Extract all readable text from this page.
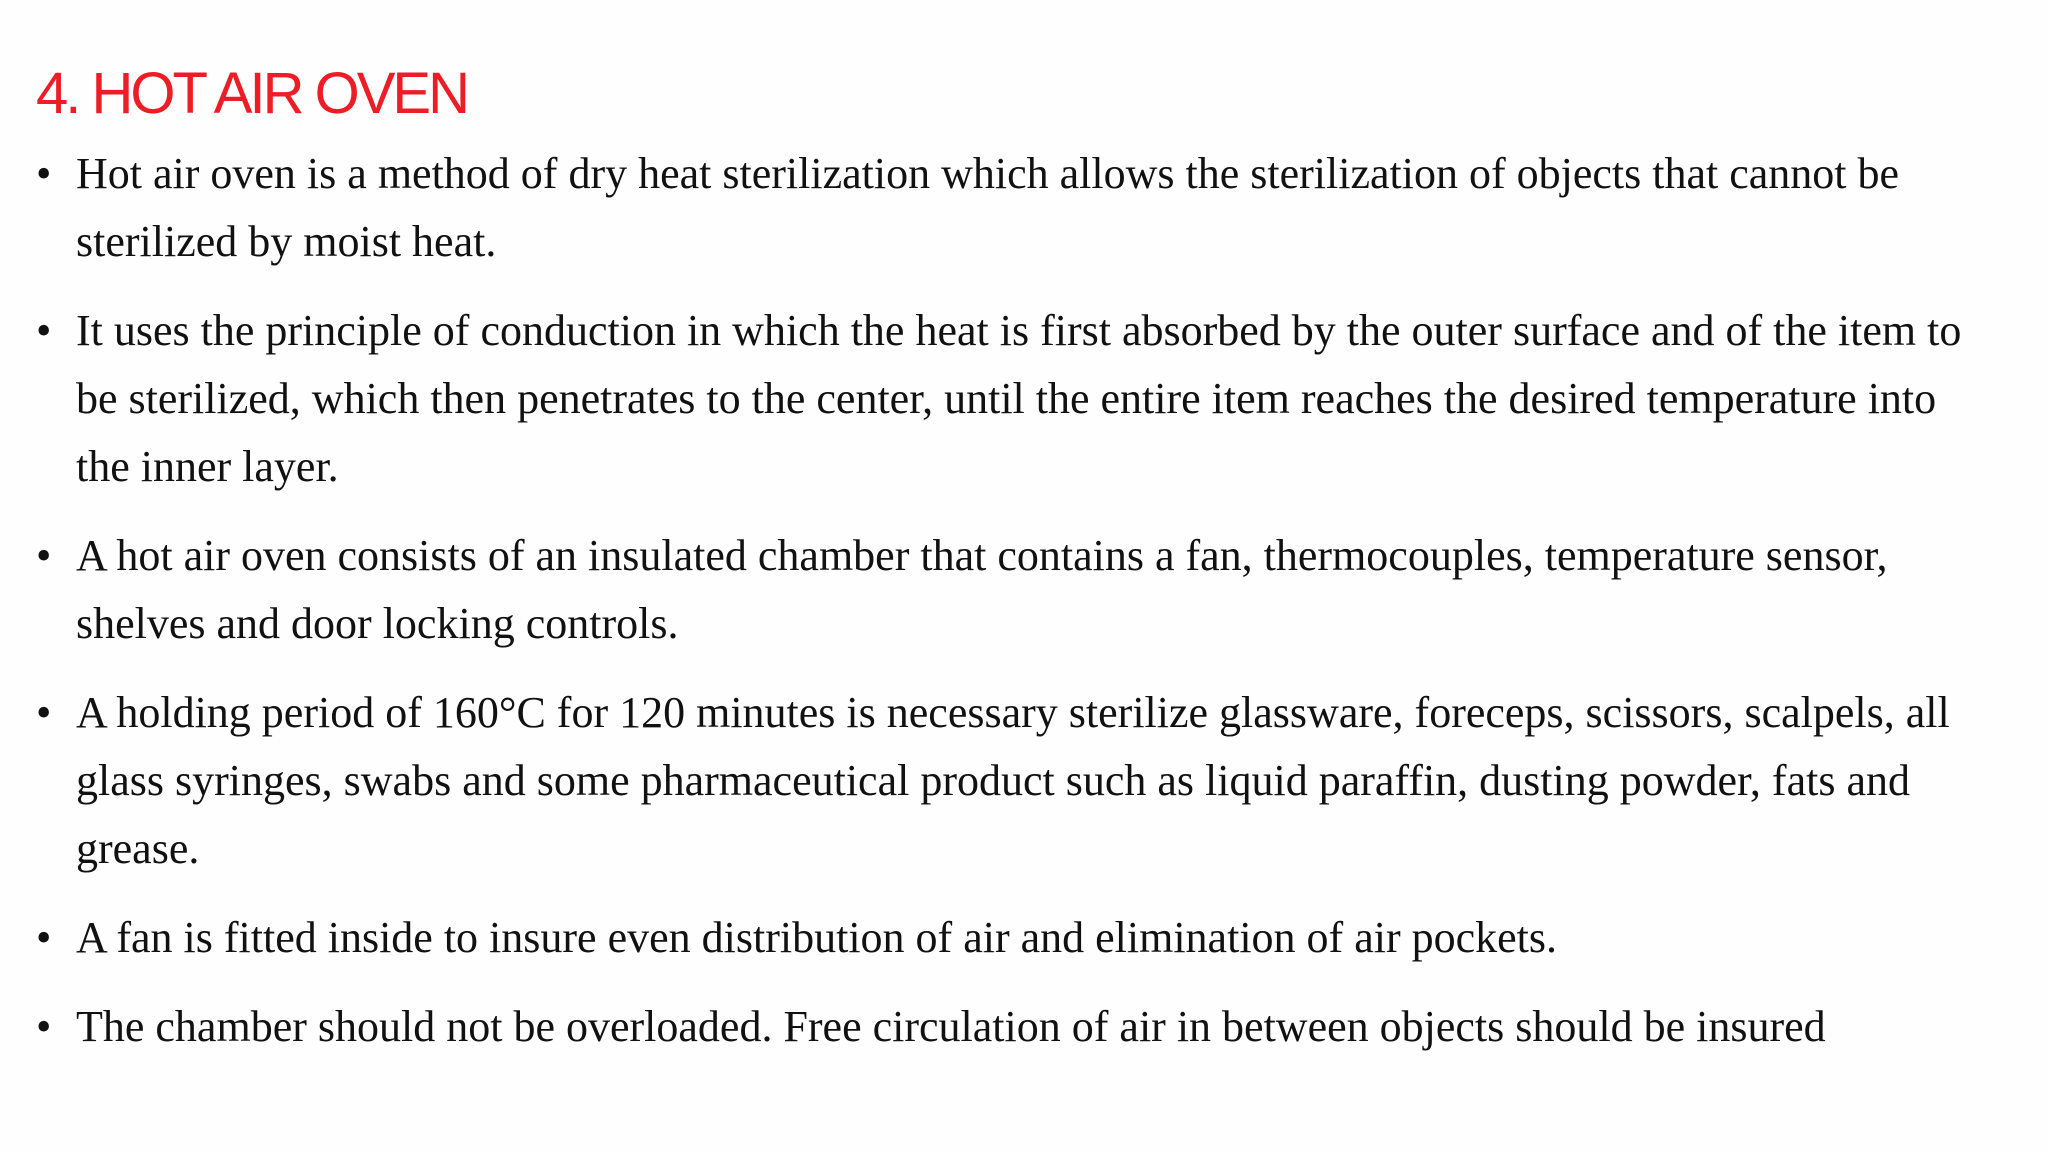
4. HOT AIR OVEN
• Hot air oven is a method of dry heat sterilization which allows the sterilization of objects that cannot be sterilized by moist heat.
• It uses the principle of conduction in which the heat is first absorbed by the outer surface and of the item to be sterilized, which then penetrates to the center, until the entire item reaches the desired temperature into the inner layer.
• A hot air oven consists of an insulated chamber that contains a fan, thermocouples, temperature sensor, shelves and door locking controls.
• A holding period of 160°C for 120 minutes is necessary sterilize glassware, foreceps, scissors, scalpels, all glass syringes, swabs and some pharmaceutical product such as liquid paraffin, dusting powder, fats and grease.
• A fan is fitted inside to insure even distribution of air and elimination of air pockets.
• The chamber should not be overloaded. Free circulation of air in between objects should be insured
